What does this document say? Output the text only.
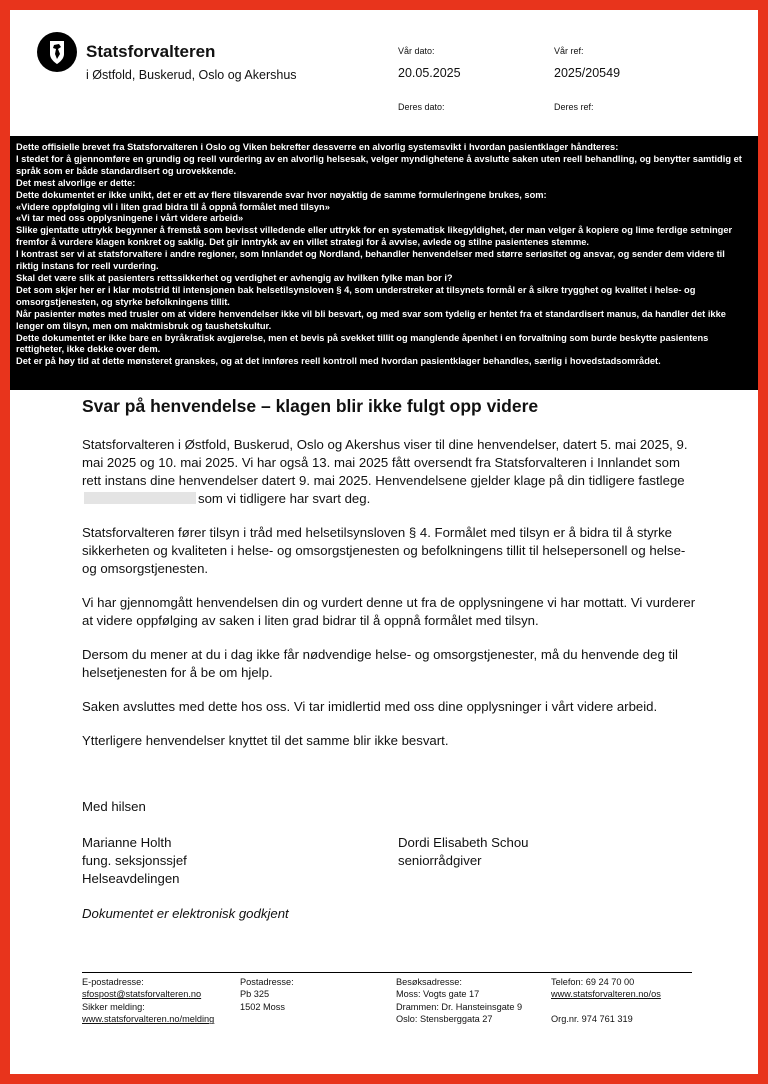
Statsforvalteren
i Østfold, Buskerud, Oslo og Akershus
Vår dato:
20.05.2025
Vår ref:
2025/20549
Deres dato:	Deres ref:

Dette offisielle brevet fra Statsforvalteren i Oslo og Viken bekrefter dessverre en alvorlig systemsvikt i hvordan pasientklager håndteres:

I stedet for å gjennomføre en grundig og reell vurdering av en alvorlig helsesak, velger myndighetene å avslutte saken uten reell behandling, og benytter samtidig et språk som er både standardisert og urovekkende.

Det mest alvorlige er dette:

Dette dokumentet er ikke unikt, det er ett av flere tilsvarende svar hvor nøyaktig de samme formuleringene brukes, som:

«Videre oppfølging vil i liten grad bidra til å oppnå formålet med tilsyn»

«Vi tar med oss opplysningene i vårt videre arbeid»

Slike gjentatte uttrykk begynner å fremstå som bevisst villedende eller uttrykk for en systematisk likegyldighet, der man velger å kopiere og lime ferdige setninger fremfor å vurdere klagen konkret og saklig. Det gir inntrykk av en villet strategi for å avvise, avlede og stilne pasientenes stemme.

I kontrast ser vi at statsforvaltere i andre regioner, som Innlandet og Nordland, behandler henvendelser med større seriøsitet og ansvar, og sender dem videre til riktig instans for reell vurdering.

Skal det være slik at pasienters rettssikkerhet og verdighet er avhengig av hvilken fylke man bor i?

Det som skjer her er i klar motstrid til intensjonen bak helsetilsynsloven § 4, som understreker at tilsynets formål er å sikre trygghet og kvalitet i helse- og omsorgstjenesten, og styrke befolkningens tillit.

Når pasienter møtes med trusler om at videre henvendelser ikke vil bli besvart, og med svar som tydelig er hentet fra et standardisert manus, da handler det ikke lenger om tilsyn, men om maktmisbruk og taushetskultur.

Dette dokumentet er ikke bare en byråkratisk avgjørelse, men et bevis på svekket tillit og manglende åpenhet i en forvaltning som burde beskytte pasientens rettigheter, ikke dekke over dem.

Det er på høy tid at dette mønsteret granskes, og at det innføres reell kontroll med hvordan pasientklager behandles, særlig i hovedstadsområdet.

Svar på henvendelse – klagen blir ikke fulgt opp videre

Statsforvalteren i Østfold, Buskerud, Oslo og Akershus viser til dine henvendelser, datert 5. mai 2025, 9. mai 2025 og 10. mai 2025. Vi har også 13. mai 2025 fått oversendt fra Statsforvalteren i Innlandet som rett instans dine henvendelser datert 9. mai 2025. Henvendelsene gjelder klage på din tidligere fastlegesom vi tidligere har svart deg.

Statsforvalteren fører tilsyn i tråd med helsetilsynsloven § 4. Formålet med tilsyn er å bidra til å styrke sikkerheten og kvaliteten i helse- og omsorgstjenesten og befolkningens tillit til helsepersonell og helse- og omsorgstjenesten.

Vi har gjennomgått henvendelsen din og vurdert denne ut fra de opplysningene vi har mottatt. Vi vurderer at videre oppfølging av saken i liten grad bidrar til å oppnå formålet med tilsyn.

Dersom du mener at du i dag ikke får nødvendige helse- og omsorgstjenester, må du henvende deg til helsetjenesten for å be om hjelp.

Saken avsluttes med dette hos oss. Vi tar imidlertid med oss dine opplysninger i vårt videre arbeid.

Ytterligere henvendelser knyttet til det samme blir ikke besvart.

Med hilsen
Marianne Holth
fung. seksjonssjef
Helseavdelingen
Dordi Elisabeth Schou
seniorrådgiver
Dokumentet er elektronisk godkjent
E-postadresse:
sfospost@statsforvalteren.no
Sikker melding:
www.statsforvalteren.no/melding
Postadresse:
Pb 325
1502 Moss
Besøksadresse:
Moss: Vogts gate 17
Drammen: Dr. Hansteinsgate 9
Oslo: Stensberggata 27
Telefon: 69 24 70 00
www.statsforvalteren.no/os
Org.nr. 974 761 319
